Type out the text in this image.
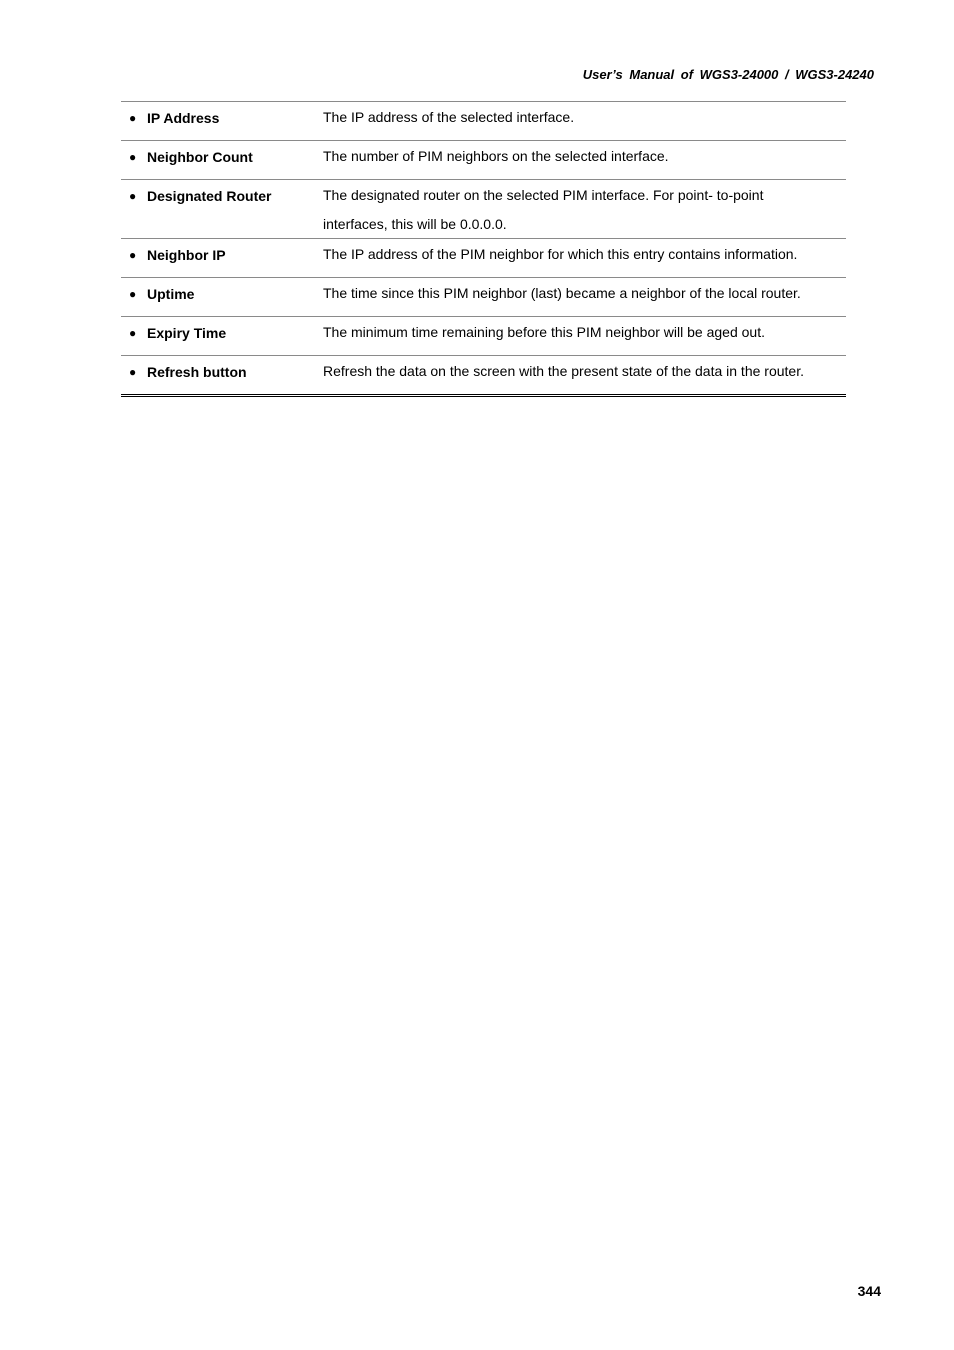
User’s Manual of WGS3-24000 / WGS3-24240
● IP Address	The IP address of the selected interface.
● Neighbor Count	The number of PIM neighbors on the selected interface.
● Designated Router	The designated router on the selected PIM interface. For point- to-point
interfaces, this will be 0.0.0.0.
● Neighbor IP	The IP address of the PIM neighbor for which this entry contains information.
● Uptime	The time since this PIM neighbor (last) became a neighbor of the local router.
● Expiry Time	The minimum time remaining before this PIM neighbor will be aged out.
● Refresh button	Refresh the data on the screen with the present state of the data in the router.
344
